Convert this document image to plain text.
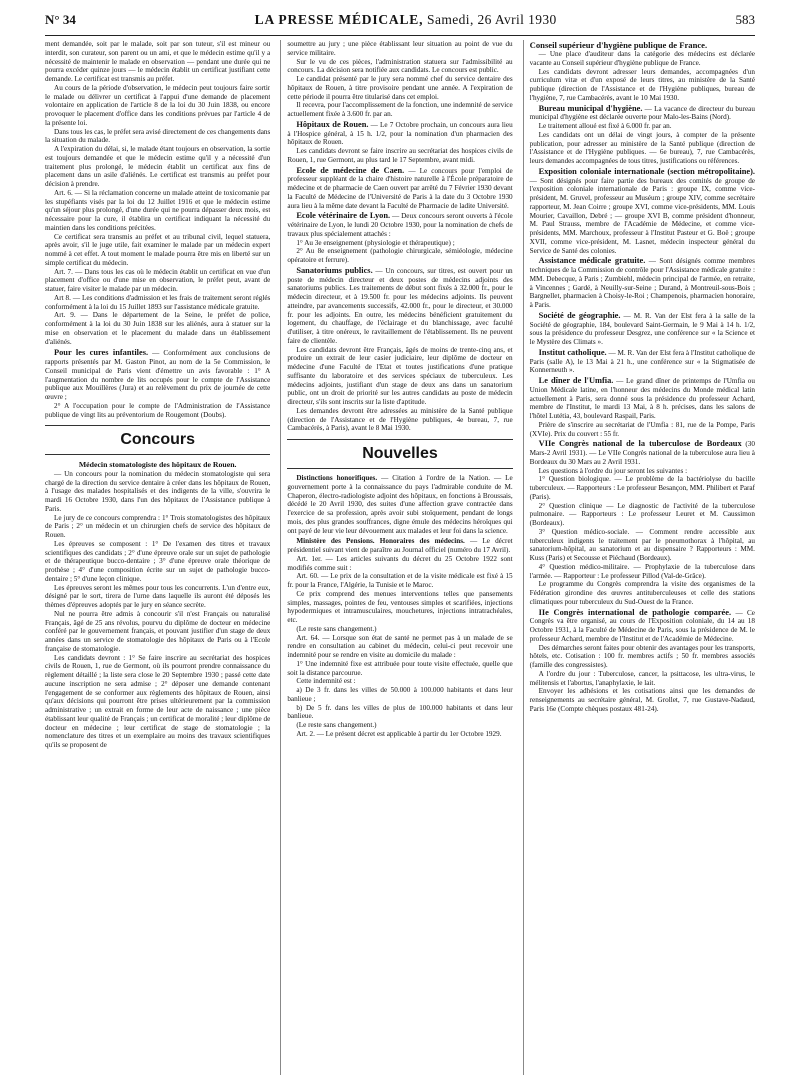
N° 34	LA PRESSE MÉDICALE, Samedi, 26 Avril 1930	583

ment demandée, soit par le malade, soit par son tuteur, s'il est mineur ou interdit, son curateur, son parent ou un ami, et que le médecin estime qu'il y a nécessité de maintenir le malade en observation — pendant une durée qui ne pourra excéder quinze jours — le médecin établit un certificat justifiant cette demande. Le certificat est transmis au préfet.

Au cours de la période d'observation, le médecin peut toujours faire sortir le malade ou délivrer un certificat à l'appui d'une demande de placement volontaire en application de l'article 8 de la loi du 30 Juin 1838, ou encore provoquer le placement d'office dans les conditions prévues par l'article 4 de la présente loi.

Dans tous les cas, le préfet sera avisé directement de ces changements dans la situation du malade.

A l'expiration du délai, si, le malade étant toujours en observation, la sortie est toujours demandée et que le médecin estime qu'il y a nécessité d'un traitement plus prolongé, le médecin établit un certificat aux fins de placement dans un asile d'aliénés. Le certificat est transmis au préfet pour décision à prendre.

Art. 6. — Si la réclamation concerne un malade atteint de toxicomanie par les stupéfiants visés par la loi du 12 Juillet 1916 et que le médecin estime qu'un séjour plus prolongé, d'une durée qui ne pourra dépasser deux mois, est nécessaire pour la cure, il établira un certificat indiquant la nécessité du maintien dans les conditions précitées.

Ce certificat sera transmis au préfet et au tribunal civil, lequel statuera, après avoir, s'il le juge utile, fait examiner le malade par un médecin expert nommé à cet effet. A tout moment le malade pourra être mis en liberté sur un simple certificat du médecin.

Art. 7. — Dans tous les cas où le médecin établit un certificat en vue d'un placement d'office ou d'une mise en observation, le préfet peut, avant de statuer, faire visiter le malade par un médecin.

Art 8. — Les conditions d'admission et les frais de traitement seront réglés conformément à la loi du 15 Juillet 1893 sur l'assistance médicale gratuite.

Art. 9. — Dans le département de la Seine, le préfet de police, conformément à la loi du 30 Juin 1838 sur les aliénés, aura à statuer sur la mise en observation et le placement du malade dans un établissement d'aliénés.

Pour les cures infantiles. — Conformément aux conclusions de rapports présentés par M. Gaston Pinot, au nom de la 5e Commission, le Conseil municipal de Paris vient d'émettre un avis favorable : 1° A l'augmentation du nombre de lits occupés pour le compte de l'Assistance publique aux Mouillères (Jura) et au relèvement du prix de journée de cette œuvre ;

2° A l'occupation pour le compte de l'Administration de l'Assistance publique de vingt lits au préventorium de Rougemont (Doubs).

Concours
Médecin stomatologiste des hôpitaux de Rouen.

— Un concours pour la nomination du médecin stomatologiste qui sera chargé de la direction du service dentaire à créer dans les hôpitaux de Rouen, à l'usage des malades hospitalisés et des indigents de la ville, s'ouvrira le mardi 16 Octobre 1930, dans l'un des hôpitaux de l'Assistance publique à Paris.

Le jury de ce concours comprendra : 1° Trois stomatologistes des hôpitaux de Paris ; 2° un médecin et un chirurgien chefs de service des hôpitaux de Rouen.

Les épreuves se composent : 1° De l'examen des titres et travaux scientifiques des candidats ; 2° d'une épreuve orale sur un sujet de pathologie et de thérapeutique bucco-dentaire ; 3° d'une épreuve orale théorique de prothèse ; 4° d'une composition écrite sur un sujet de pathologie bucco-dentaire ; 5° d'une leçon clinique.

Les épreuves seront les mêmes pour tous les concurrents. L'un d'entre eux, désigné par le sort, tirera de l'urne dans laquelle ils auront été déposés les thèmes d'épreuves adoptés par le jury en séance secrète.

Nul ne pourra être admis à concourir s'il n'est Français ou naturalisé Français, âgé de 25 ans révolus, pourvu du diplôme de docteur en médecine conféré par le gouvernement français, et pouvant justifier d'un stage de deux années dans un service de stomatologie des hôpitaux de Paris ou à l'Ecole française de stomatologie.

Les candidats devront : 1° Se faire inscrire au secrétariat des hospices civils de Rouen, 1, rue de Germont, où ils pourront prendre connaissance du règlement détaillé ; la liste sera close le 20 Septembre 1930 ; passé cette date aucune inscription ne sera admise ; 2° déposer une demande contenant l'engagement de se conformer aux règlements des hôpitaux de Rouen, ainsi qu'aux décisions qui pourront être prises ultérieurement par la commission administrative ; un extrait en forme de leur acte de naissance ; une pièce établissant leur qualité de Français ; un certificat de moralité ; leur diplôme de docteur en médecine ; leur certificat de stage de stomatologie ; la nomenclature des titres et un exemplaire au moins des travaux scientifiques qu'ils se proposent de

soumettre au jury ; une pièce établissant leur situation au point de vue du service militaire.

Sur le vu de ces pièces, l'administration statuera sur l'admissibilité au concours. La décision sera notifiée aux candidats. Le concours est public.

Le candidat présenté par le jury sera nommé chef du service dentaire des hôpitaux de Rouen, à titre provisoire pendant une année. A l'expiration de cette période il pourra être titularisé dans cet emploi.

Il recevra, pour l'accomplissement de la fonction, une indemnité de service actuellement fixée à 3.600 fr. par an.

Hôpitaux de Rouen. — Le 7 Octobre prochain, un concours aura lieu à l'Hospice général, à 15 h. 1/2, pour la nomination d'un pharmacien des hôpitaux de Rouen.

Les candidats devront se faire inscrire au secrétariat des hospices civils de Rouen, 1, rue Germont, au plus tard le 17 Septembre, avant midi.

Ecole de médecine de Caen. — Le concours pour l'emploi de professeur suppléant de la chaire d'histoire naturelle à l'École préparatoire de médecine et de pharmacie de Caen ouvert par arrêté du 7 Février 1930 devant la Faculté de Médecine de l'Université de Paris à la date du 3 Octobre 1930 aura lieu à la même date devant la Faculté de Pharmacie de ladite Université.

Ecole vétérinaire de Lyon. — Deux concours seront ouverts à l'école vétérinaire de Lyon, le lundi 20 Octobre 1930, pour la nomination de chefs de travaux plus spécialement attachés :

1° Au 3e enseignement (physiologie et thérapeutique) ;

2° Au 8e enseignement (pathologie chirurgicale, sémiéologie, médecine opératoire et ferrure).

Sanatoriums publics. — Un concours, sur titres, est ouvert pour un poste de médecin directeur et deux postes de médecins adjoints des sanatoriums publics. Les traitements de début sont fixés à 32.000 fr., pour le médecin directeur, et à 19.500 fr. pour les médecins adjoints. Ils peuvent atteindre, par avancements successifs, 42.000 fr., pour le directeur, et 30.000 fr. pour les adjoints. En outre, les médecins bénéficient gratuitement du logement, du chauffage, de l'éclairage et du blanchissage, avec faculté d'utiliser, à titre onéreux, le ravitaillement de l'établissement. Ils ne peuvent faire de clientèle.

Les candidats devront être Français, âgés de moins de trente-cinq ans, et produire un extrait de leur casier judiciaire, leur diplôme de docteur en médecine d'une Faculté de l'Etat et toutes justifications d'une pratique suffisante du laboratoire et des services spéciaux de tuberculeux. Les médecins adjoints, justifiant d'un stage de deux ans dans un sanatorium public, ont un droit de priorité sur les autres candidats au poste de médecin directeur, s'ils sont inscrits sur la liste d'aptitude.

Les demandes devront être adressées au ministère de la Santé publique (direction de l'Assistance et de l'Hygiène publiques, 4e bureau, 7, rue Cambacérès, à Paris), avant le 8 Mai 1930.

Nouvelles

Distinctions honorifiques. — Citation à l'ordre de la Nation. — Le gouvernement porte à la connaissance du pays l'admirable conduite de M. Chaperon, électro-radiologiste adjoint des hôpitaux, en fonctions à Broussais, décédé le 20 Avril 1930, des suites d'une affection grave contractée dans l'exercice de sa profession, après avoir subi stoïquement, pendant de longs mois, des plus grandes souffrances, digne émule des médecins héroïques qui ont payé de leur vie leur dévouement aux malades et leur foi dans la science.

Ministère des Pensions. Honoraires des médecins. — Le décret présidentiel suivant vient de paraître au Journal officiel (numéro du 17 Avril).

Art. 1er. — Les articles suivants du décret du 25 Octobre 1922 sont modifiés comme suit :

Art. 60. — Le prix de la consultation et de la visite médicale est fixé à 15 fr. pour la France, l'Algérie, la Tunisie et le Maroc.

Ce prix comprend des menues interventions telles que pansements simples, massages, pointes de feu, ventouses simples et scarifiées, injections hypodermiques et intramusculaires, mouchetures, injections intratrachéales, etc.

(Le reste sans changement.)

Art. 64. — Lorsque son état de santé ne permet pas à un malade de se rendre en consultation au cabinet du médecin, celui-ci peut recevoir une indemnité pour se rendre en visite au domicile du malade :

1° Une indemnité fixe est attribuée pour toute visite effectuée, quelle que soit la distance parcourue.

Cette indemnité est :

a) De 3 fr. dans les villes de 50.000 à 100.000 habitants et dans leur banlieue ;

b) De 5 fr. dans les villes de plus de 100.000 habitants et dans leur banlieue.

(Le reste sans changement.)

Art. 2. — Le présent décret est applicable à partir du 1er Octobre 1929.

Conseil supérieur d'hygiène publique de France.

— Une place d'auditeur dans la catégorie des médecins est déclarée vacante au Conseil supérieur d'hygiène publique de France.

Les candidats devront adresser leurs demandes, accompagnées d'un curriculum vitæ et d'un exposé de leurs titres, au ministère de la Santé publique (direction de l'Assistance et de l'Hygiène publiques, bureau de l'hygiène, 7, rue Cambacérès, avant le 10 Mai 1930.

Bureau municipal d'hygiène. — La vacance de directeur du bureau municipal d'hygiène est déclarée ouverte pour Malo-les-Bains (Nord).

Le traitement alloué est fixé à 6.000 fr. par an.

Les candidats ont un délai de vingt jours, à compter de la présente publication, pour adresser au ministère de la Santé publique (direction de l'Assistance et de l'Hygiène publiques. — 6e bureau), 7, rue Cambacérès, leurs demandes accompagnées de tous titres, justifications ou références.

Exposition coloniale internationale (section métropolitaine). — Sont désignés pour faire partie des bureaux des comités de groupe de l'exposition coloniale internationale de Paris : groupe IX, comme vice-président, M. Gruvel, professeur au Muséum ; groupe XIV, comme secrétaire rapporteur, M. Jean Coirre ; groupe XVI, comme vice-présidents, MM. Louis Mourier, Cavaillon, Debré ; — groupe XVI B, comme président d'honneur, M. Paul Strauss, membre de l'Académie de Médecine, et comme vice-présidents, MM. Marchoux, professeur à l'Institut Pasteur et G. Boë ; groupe XVII, comme vice-président, M. Lasnet, médecin inspecteur général du Service de Santé des colonies.

Assistance médicale gratuite. — Sont désignés comme membres techniques de la Commission de contrôle pour l'Assistance médicale gratuite : MM. Debecque, à Paris ; Zumbiehl, médecin principal de l'armée, en retraite, à Vincennes ; Gardé, à Neuilly-sur-Seine ; Durand, à Montreuil-sous-Bois ; Bargnellet, pharmacien à Choisy-le-Roi ; Champenois, pharmacien honoraire, à Paris.

Société de géographie. — M. R. Van der Elst fera à la salle de la Société de géographie, 184, boulevard Saint-Germain, le 9 Mai à 14 h. 1/2, sous la présidence du professeur Desgrez, une conférence sur « la Science et le Mystère des Climats ».

Institut catholique. — M. R. Van der Elst fera à l'Institut catholique de Paris (salle A), le 13 Mai à 21 h., une conférence sur « la Stigmatisée de Konnerneuth ».

Le dîner de l'Umfia. — Le grand dîner de printemps de l'Umfia ou Union Médicale latine, en l'honneur des médecins du Monde médical latin actuellement à Paris, sera donné sous la présidence du professeur Achard, membre de l'Institut, le mardi 13 Mai, à 8 h. précises, dans les salons de l'hôtel Lutétia, 43, boulevard Raspail, Paris.

Prière de s'inscrire au secrétariat de l'Umfia : 81, rue de la Pompe, Paris (XVIe). Prix du couvert : 55 fr.

VIIe Congrès national de la tuberculose de Bordeaux (30 Mars-2 Avril 1931). — Le VIIe Congrès national de la tuberculose aura lieu à Bordeaux du 30 Mars au 2 Avril 1931.

Les questions à l'ordre du jour seront les suivantes :

1° Question biologique. — Le problème de la bactériolyse du bacille tuberculeux. — Rapporteurs : Le professeur Besançon, MM. Philibert et Paraf (Paris).

2° Question clinique — Le diagnostic de l'activité de la tuberculose pulmonaire. — Rapporteurs : Le professeur Leuret et M. Caussimon (Bordeaux).

3° Question médico-sociale. — Comment rendre accessible aux tuberculeux indigents le traitement par le pneumothorax à l'hôpital, au sanatorium-hôpital, au sanatorium et au dispensaire ? Rapporteurs : MM. Kuss (Paris) et Secousse et Piéchaud (Bordeaux).

4° Question médico-militaire. — Prophylaxie de la tuberculose dans l'armée. — Rapporteur : Le professeur Pillod (Val-de-Grâce).

Le programme du Congrès comprendra la visite des organismes de la Fédération girondine des œuvres antituberculeuses et celle des stations climatiques pour tuberculeux du Sud-Ouest de la France.

IIe Congrès international de pathologie comparée. — Ce Congrès va être organisé, au cours de l'Exposition coloniale, du 14 au 18 Octobre 1931, à la Faculté de Médecine de Paris, sous la présidence de M. le professeur Achard, membre de l'Institut et de l'Académie de Médecine.

Des démarches seront faites pour obtenir des avantages pour les transports, hôtels, etc. Cotisation : 100 fr. membres actifs ; 50 fr. membres associés (famille des congressistes).

A l'ordre du jour : Tuberculose, cancer, la psittacose, les ultra-virus, le mélitensis et l'abortus, l'anaphylaxie, le lait.

Envoyer les adhésions et les cotisations ainsi que les demandes de renseignements au secrétaire général, M. Grollet, 7, rue Gustave-Nadaud, Paris 16e (Compte chèques postaux 481-24).
